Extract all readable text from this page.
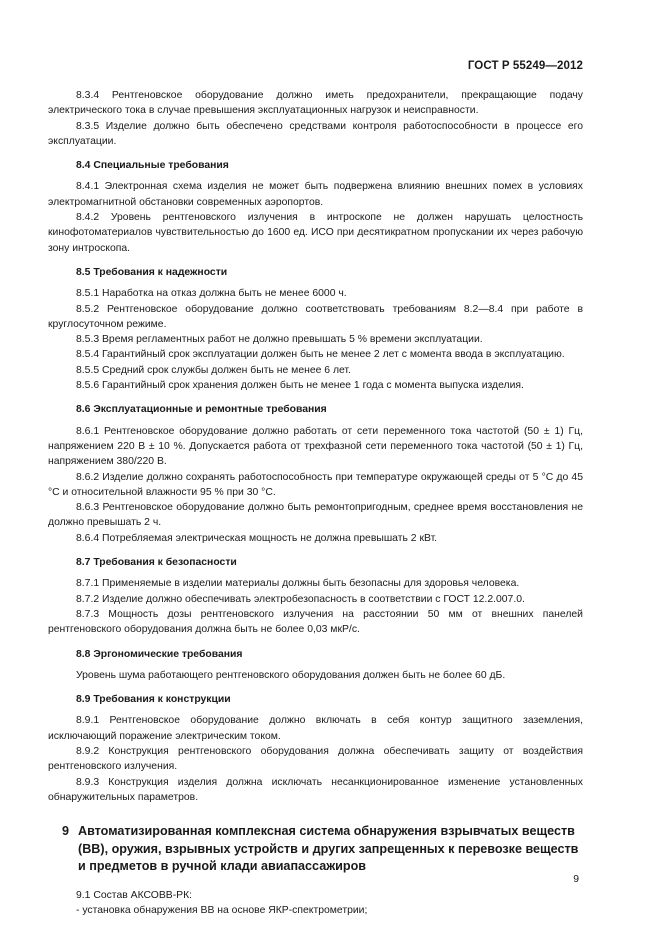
ГОСТ Р 55249—2012

8.3.4 Рентгеновское оборудование должно иметь предохранители, прекращающие подачу электрического тока в случае превышения эксплуатационных нагрузок и неисправности.

8.3.5 Изделие должно быть обеспечено средствами контроля работоспособности в процессе его эксплуатации.

8.4 Специальные требования

8.4.1 Электронная схема изделия не может быть подвержена влиянию внешних помех в условиях электромагнитной обстановки современных аэропортов.

8.4.2 Уровень рентгеновского излучения в интроскопе не должен нарушать целостность кинофотоматериалов чувствительностью до 1600 ед. ИСО при десятикратном пропускании их через рабочую зону интроскопа.

8.5 Требования к надежности

8.5.1 Наработка на отказ должна быть не менее 6000 ч.

8.5.2 Рентгеновское оборудование должно соответствовать требованиям 8.2—8.4 при работе в круглосуточном режиме.

8.5.3 Время регламентных работ не должно превышать 5 % времени эксплуатации.

8.5.4 Гарантийный срок эксплуатации должен быть не менее 2 лет с момента ввода в эксплуатацию.

8.5.5 Средний срок службы должен быть не менее 6 лет.

8.5.6 Гарантийный срок хранения должен быть не менее 1 года с момента выпуска изделия.

8.6 Эксплуатационные и ремонтные требования

8.6.1 Рентгеновское оборудование должно работать от сети переменного тока частотой (50 ± 1) Гц, напряжением 220 В ± 10 %. Допускается работа от трехфазной сети переменного тока частотой (50 ± 1) Гц, напряжением 380/220 В.

8.6.2 Изделие должно сохранять работоспособность при температуре окружающей среды от 5 °С до 45 °С и относительной влажности 95 % при 30 °С.

8.6.3 Рентгеновское оборудование должно быть ремонтопригодным, среднее время восстановления не должно превышать 2 ч.

8.6.4 Потребляемая электрическая мощность не должна превышать 2 кВт.

8.7 Требования к безопасности

8.7.1 Применяемые в изделии материалы должны быть безопасны для здоровья человека.

8.7.2 Изделие должно обеспечивать электробезопасность в соответствии с ГОСТ 12.2.007.0.

8.7.3 Мощность дозы рентгеновского излучения на расстоянии 50 мм от внешних панелей рентгеновского оборудования должна быть не более 0,03 мкР/с.

8.8 Эргономические требования

Уровень шума работающего рентгеновского оборудования должен быть не более 60 дБ.

8.9 Требования к конструкции

8.9.1 Рентгеновское оборудование должно включать в себя контур защитного заземления, исключающий поражение электрическим током.

8.9.2 Конструкция рентгеновского оборудования должна обеспечивать защиту от воздействия рентгеновского излучения.

8.9.3 Конструкция изделия должна исключать несанкционированное изменение установленных обнаружительных параметров.

9 Автоматизированная комплексная система обнаружения взрывчатых веществ (ВВ), оружия, взрывных устройств и других запрещенных к перевозке веществ и предметов в ручной клади авиапассажиров

9.1 Состав АКСОВВ-РК:

- установка обнаружения ВВ на основе ЯКР-спектрометрии;

9
